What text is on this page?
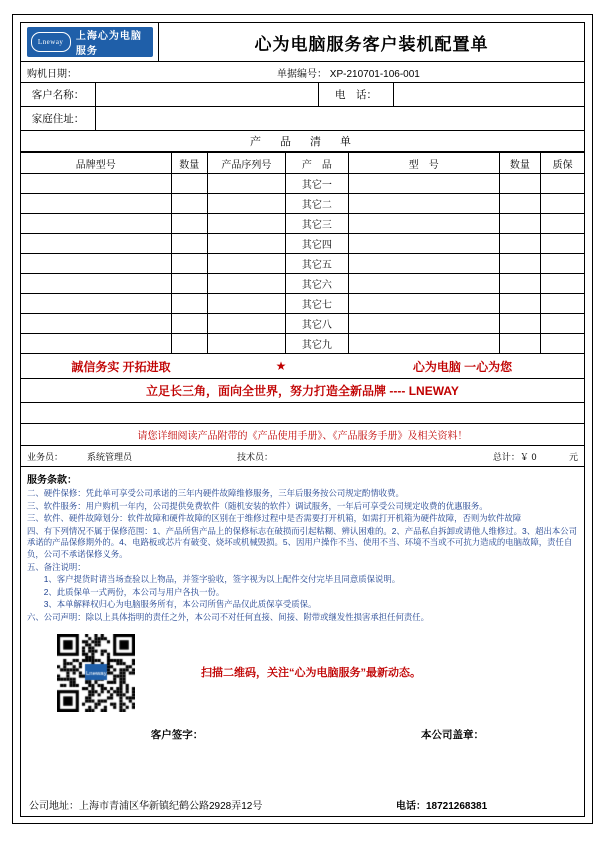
Lneway	上海心为电脑服务	心为电脑服务客户装机配置单
购机日期：	单据编号： XP-210701-106-001
客户名称：	电　话：
家庭住址：
产　品　清　单
品牌型号	数量	产品序列号	产　品	型　号	数量	质保
			其它一			
			其它二			
			其它三			
			其它四			
			其它五			
			其它六			
			其它七			
			其它八			
			其它九			
誠信务实 开拓进取	★	心为电脑 一心为您
立足长三角，面向全世界，努力打造全新品牌 ---- LNEWAY
请您详细阅读产品附带的《产品使用手册》、《产品服务手册》及相关资料！
业务员：	系统管理员	技术员：	总计：￥ 0	元
服务条款：

二、硬件保修：凭此单可享受公司承诺的三年内硬件故障维修服务，三年后服务按公司规定酌情收费。

三、软件服务：用户购机一年内，公司提供免费软件（随机安装的软件）调试服务，一年后可享受公司规定收费的优惠服务。

三、软件、硬件故障划分：软件故障和硬件故障的区别在于维修过程中是否需要打开机箱，如需打开机箱为硬件故障，否则为软件故障

四、有下列情况不属于保修范围：1、产品所售产品上的保修标志在破损而引起粘糊、辨认困难的。2、产品私自拆卸或请他人维修过。3、超出本公司承诺的产品保修期外的。4、电路板或芯片有破变、烧坏或机械毁损。5、因用户操作不当、使用不当、环境不当或不可抗力造成的电脑故障，责任自负，公司不承诺保修义务。

五、备注说明：

　　1、客户提货时请当场查验以上物品，并签字验收，签字视为以上配件交付完毕且同意质保说明。

　　2、此质保单一式两份，本公司与用户各执一份。

　　3、本单解释权归心为电脑服务所有，本公司所售产品仅此质保享受质保。

六、公司声明：除以上具体指明的责任之外，本公司不对任何直接、间接、附带或继发性损害承担任何责任。

扫描二维码，关注“心为电脑服务”最新动态。
客户签字：	本公司盖章：
公司地址：上海市青浦区华新镇纪鹤公路2928弄12号	电话：18721268381
